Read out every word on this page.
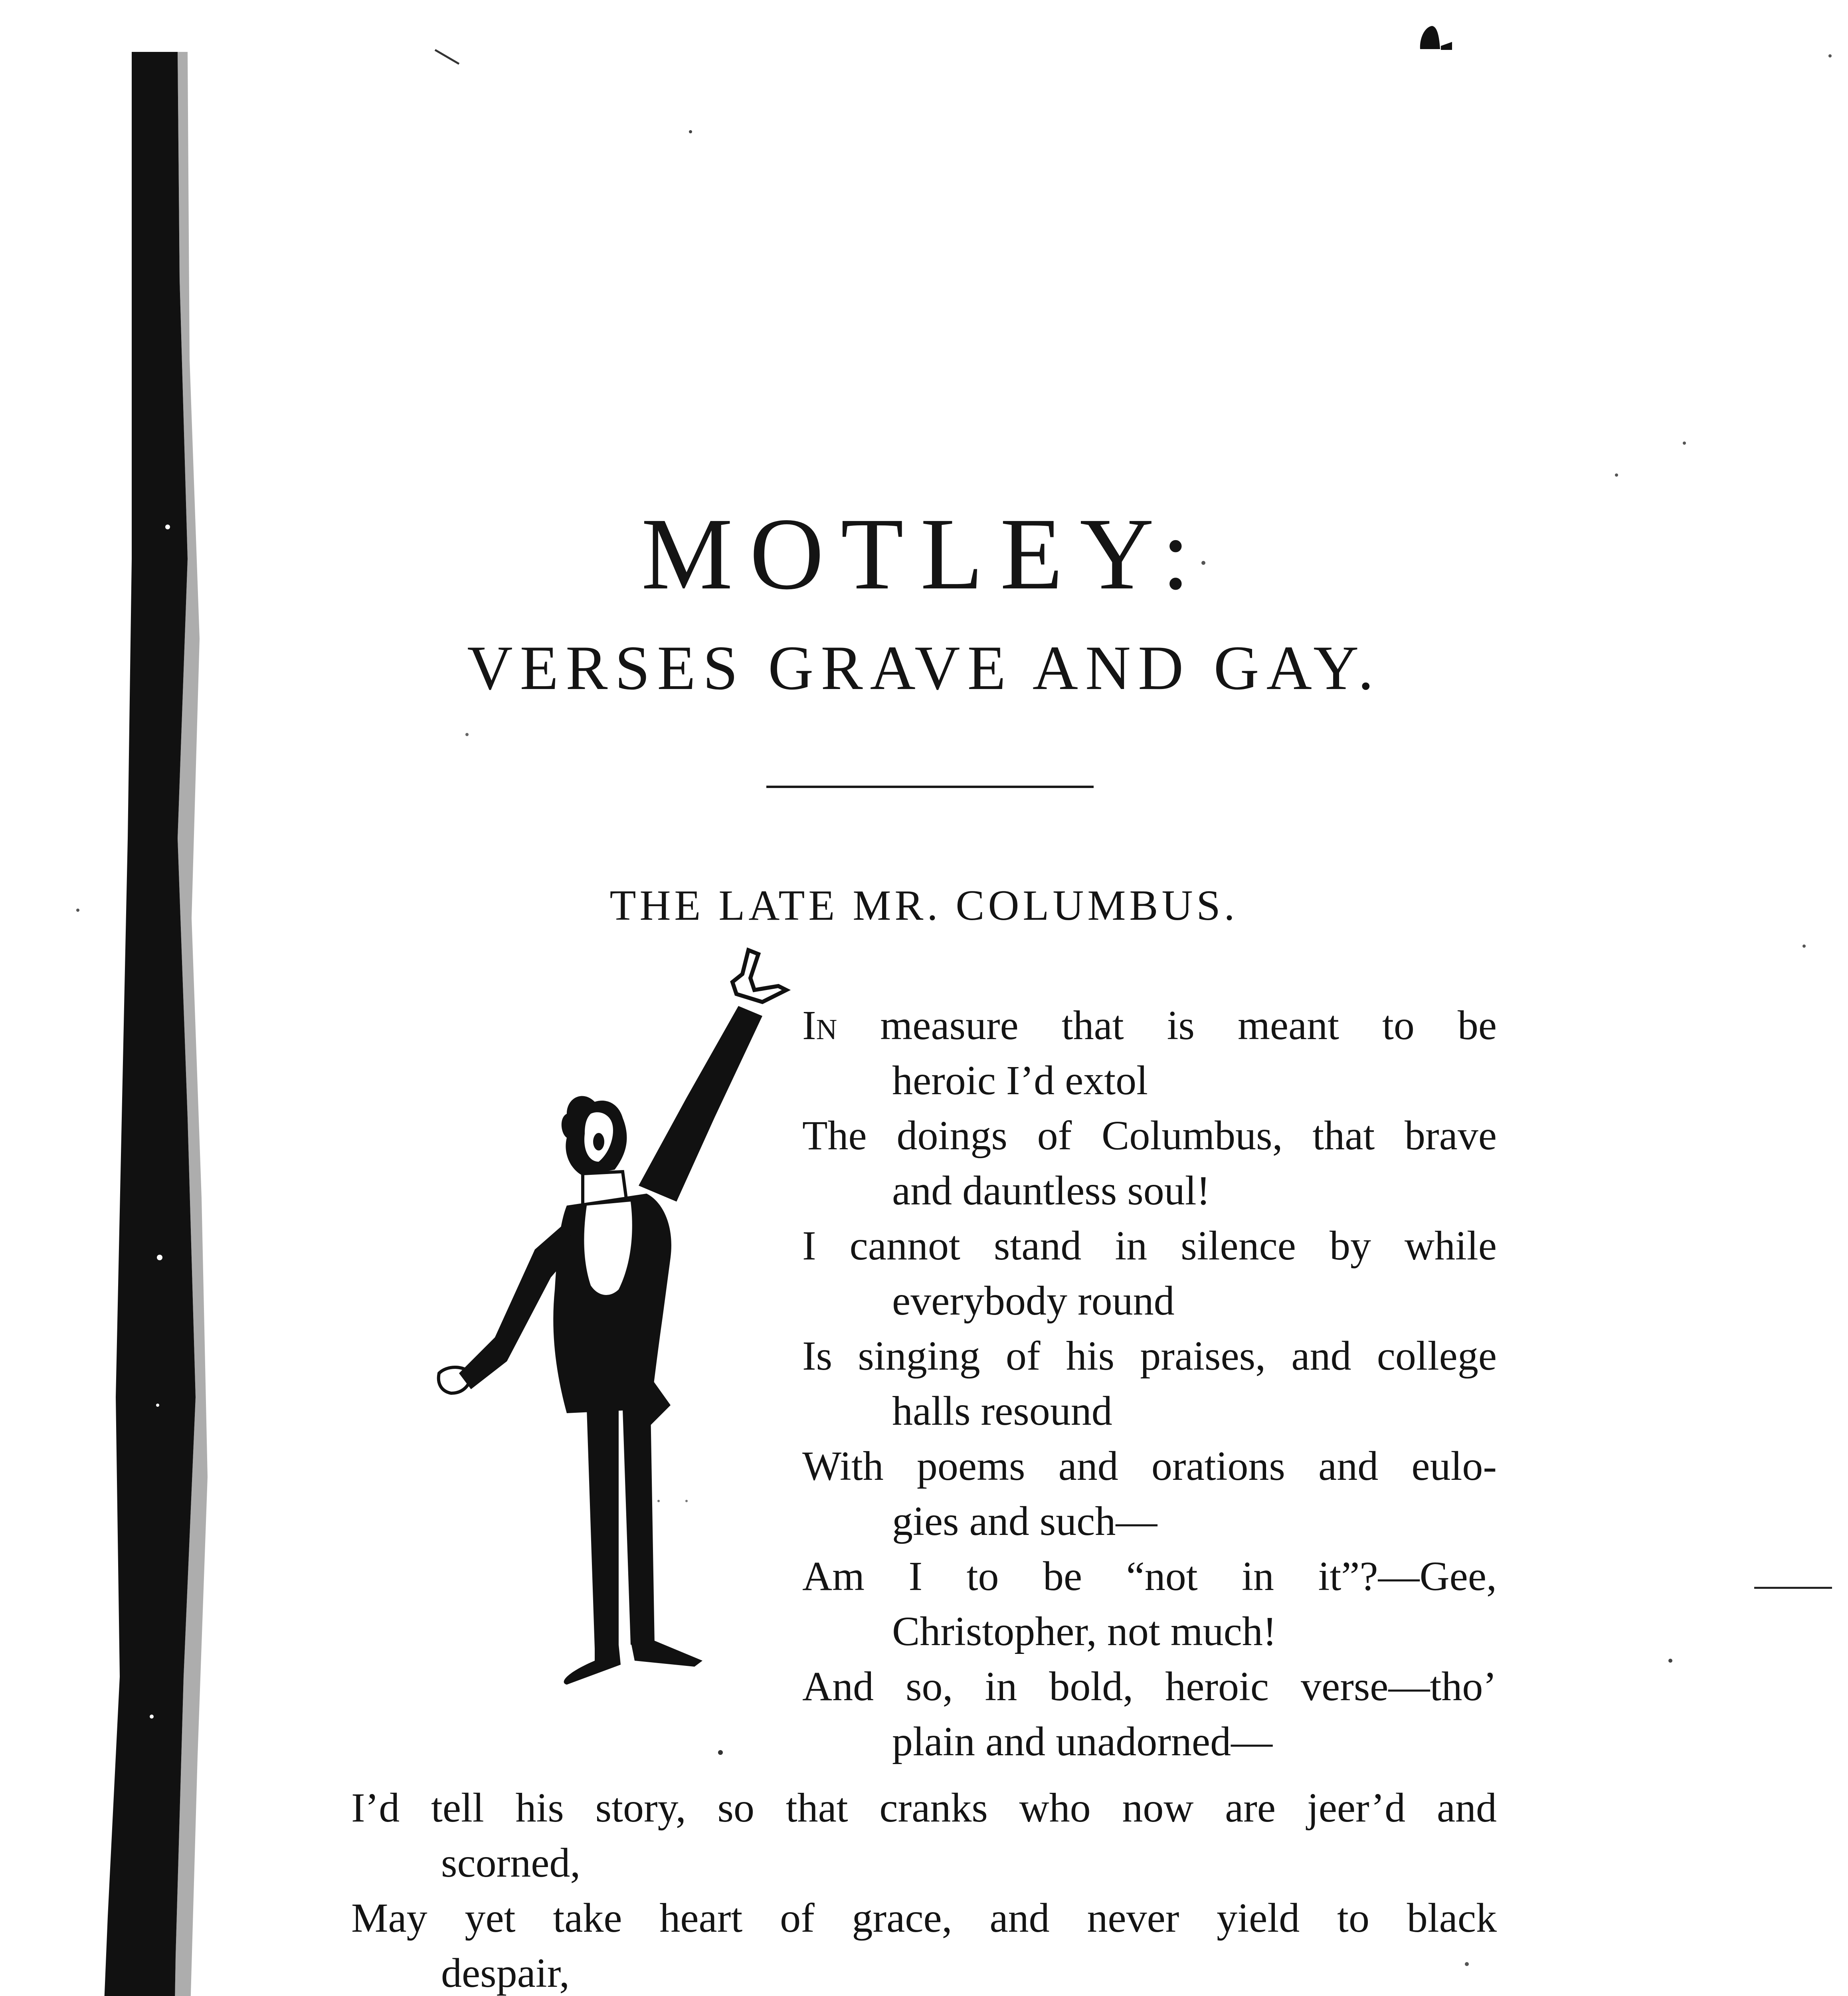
MOTLEY:
VERSES GRAVE AND GAY.
THE LATE MR. COLUMBUS.
In measure that is meant to be
heroic I’d extol
The doings of Columbus, that brave
and dauntless soul!
I cannot stand in silence by while
everybody round
Is singing of his praises, and college
halls resound
With poems and orations and eulo-
gies and such—
Am I to be “not in it”?—Gee,
Christopher, not much!
And so, in bold, heroic verse—tho’
plain and unadorned—
I’d tell his story, so that cranks who now are jeer’d and
scorned,
May yet take heart of grace, and never yield to black
despair,
